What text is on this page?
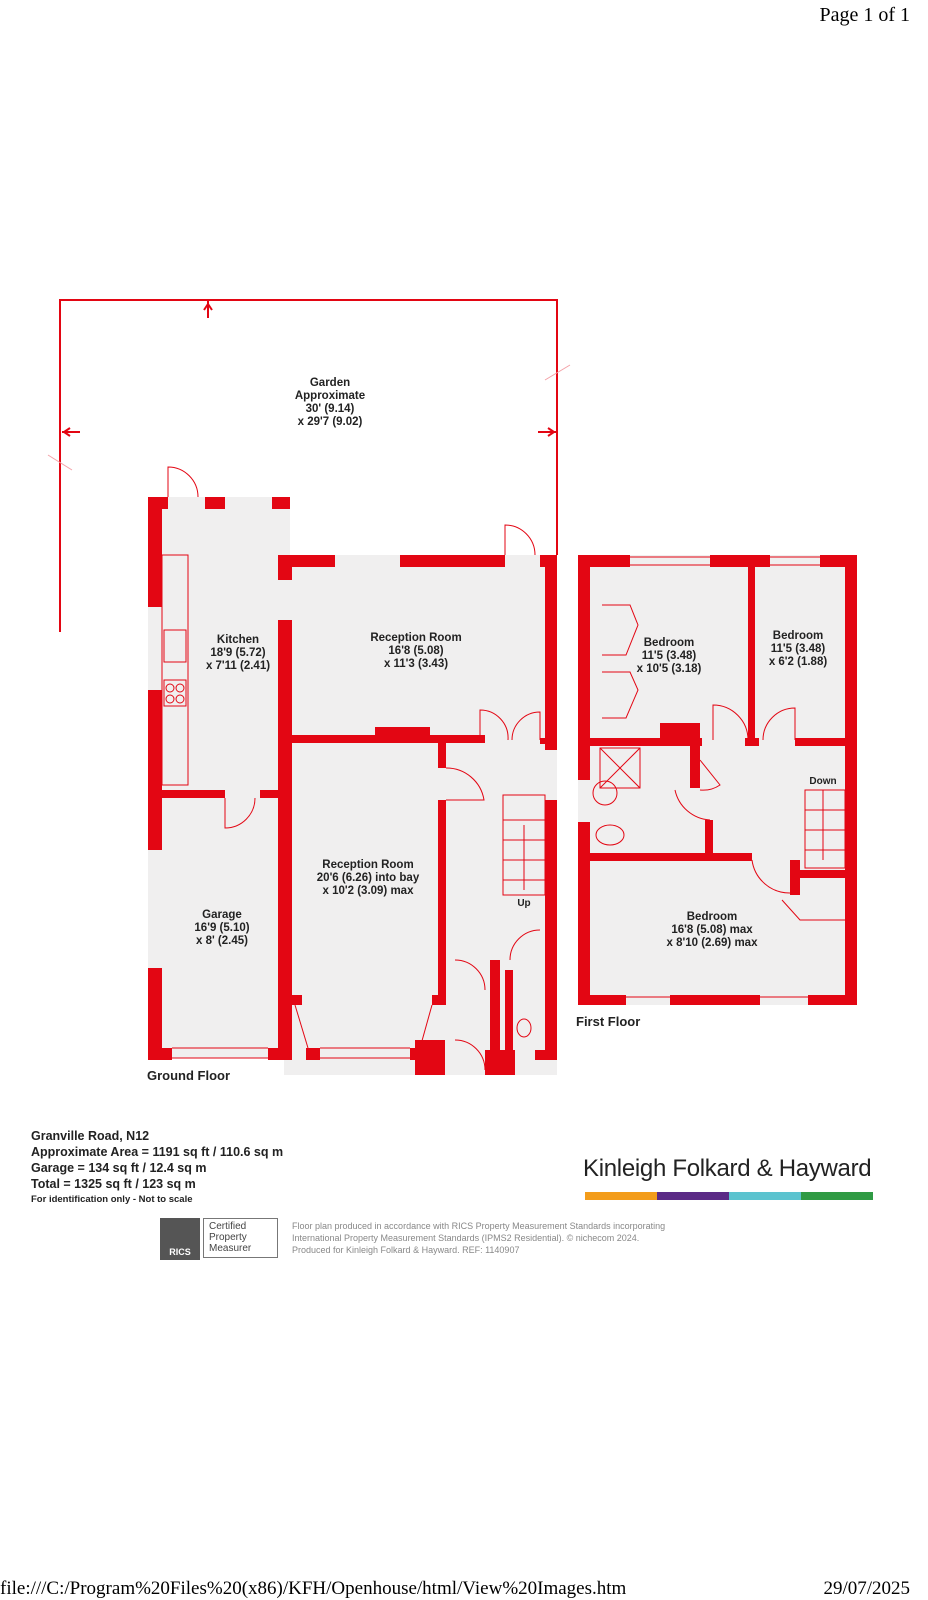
Page 1 of 1
Garden
Approximate
30' (9.14)
x 29'7 (9.02)
Kitchen
18'9 (5.72)
x 7'11 (2.41)
Reception Room
16'8 (5.08)
x 11'3 (3.43)
Reception Room
20'6 (6.26) into bay
x 10'2 (3.09) max
Garage
16'9 (5.10)
x 8' (2.45)
Up
Ground Floor
Bedroom
11'5 (3.48)
x 10'5 (3.18)
Bedroom
11'5 (3.48)
x 6'2 (1.88)
Bedroom
16'8 (5.08) max
x 8'10 (2.69) max
Down
First Floor
Granville Road, N12
Approximate Area = 1191 sq ft / 110.6 sq m
Garage = 134 sq ft / 12.4 sq m
Total = 1325 sq ft / 123 sq m
For identification only - Not to scale
Kinleigh Folkard & Hayward
RICS
Certified
Property
Measurer
Floor plan produced in accordance with RICS Property Measurement Standards incorporating
International Property Measurement Standards (IPMS2 Residential). © nichecom 2024.
Produced for Kinleigh Folkard & Hayward. REF: 1140907
file:///C:/Program%20Files%20(x86)/KFH/Openhouse/html/View%20Images.htm	29/07/2025
